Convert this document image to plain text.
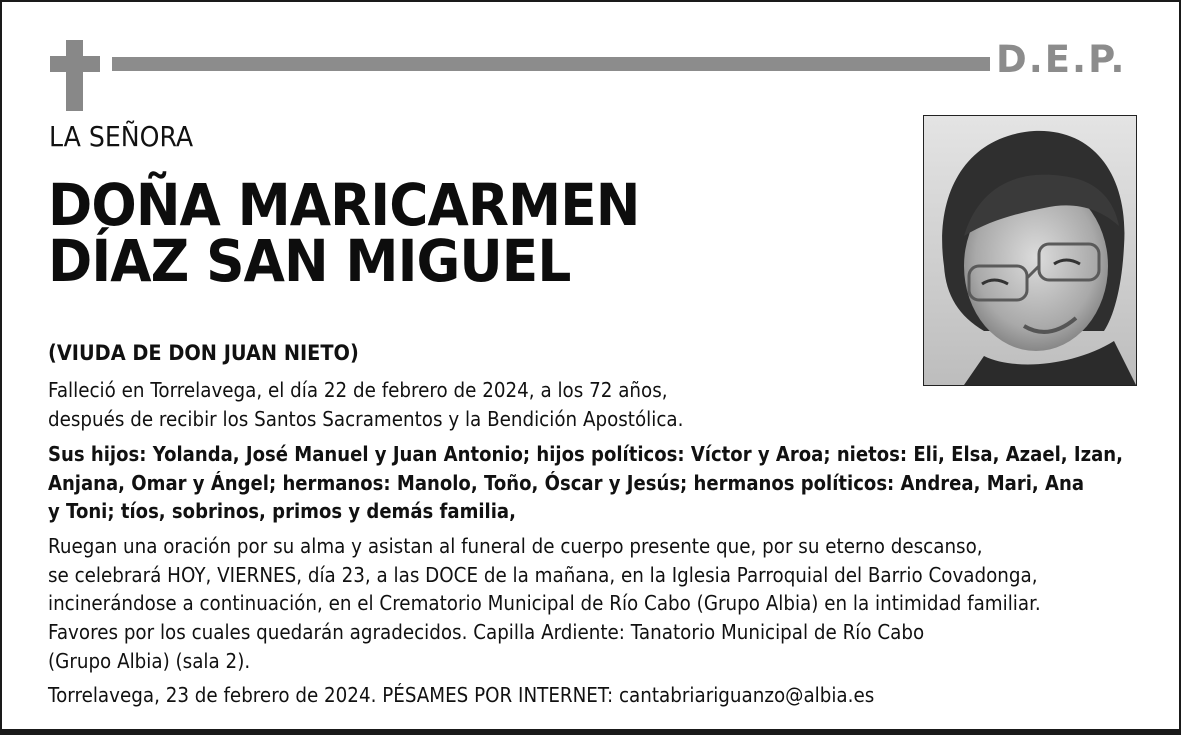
D.E.P.
LA SEÑORA
DOÑA MARICARMEN
DÍAZ SAN MIGUEL
(VIUDA DE DON JUAN NIETO)
Falleció en Torrelavega, el día 22 de febrero de 2024, a los 72 años,
después de recibir los Santos Sacramentos y la Bendición Apostólica.
Sus hijos: Yolanda, José Manuel y Juan Antonio; hijos políticos: Víctor y Aroa; nietos: Eli, Elsa, Azael, Izan,
Anjana, Omar y Ángel; hermanos: Manolo, Toño, Óscar y Jesús; hermanos políticos: Andrea, Mari, Ana
y Toni; tíos, sobrinos, primos y demás familia,
Ruegan una oración por su alma y asistan al funeral de cuerpo presente que, por su eterno descanso,
se celebrará HOY, VIERNES, día 23, a las DOCE de la mañana, en la Iglesia Parroquial del Barrio Covadonga,
incinerándose a continuación, en el Crematorio Municipal de Río Cabo (Grupo Albia) en la intimidad familiar.
Favores por los cuales quedarán agradecidos. Capilla Ardiente: Tanatorio Municipal de Río Cabo
(Grupo Albia) (sala 2).
Torrelavega, 23 de febrero de 2024. PÉSAMES POR INTERNET: cantabriariguanzo@albia.es
